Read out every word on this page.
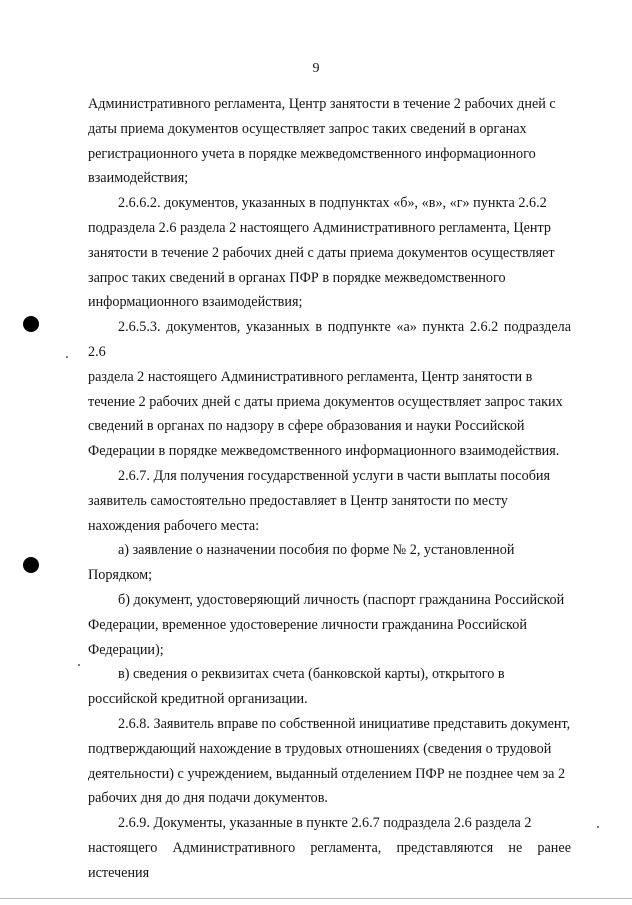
9

Административного регламента, Центр занятости в течение 2 рабочих дней с
даты приема документов осуществляет запрос таких сведений в органах
регистрационного учета в порядке межведомственного информационного
взаимодействия;

2.6.6.2. документов, указанных в подпунктах «б», «в», «г» пункта 2.6.2
подраздела 2.6 раздела 2 настоящего Административного регламента, Центр
занятости в течение 2 рабочих дней с даты приема документов осуществляет
запрос таких сведений в органах ПФР в порядке межведомственного
информационного взаимодействия;

2.6.5.3. документов, указанных в подпункте «а» пункта 2.6.2 подраздела 2.6
раздела 2 настоящего Административного регламента, Центр занятости в
течение 2 рабочих дней с даты приема документов осуществляет запрос таких
сведений в органах по надзору в сфере образования и науки Российской
Федерации в порядке межведомственного информационного взаимодействия.

2.6.7. Для получения государственной услуги в части выплаты пособия
заявитель самостоятельно предоставляет в Центр занятости по месту
нахождения рабочего места:

а) заявление о назначении пособия по форме № 2, установленной
Порядком;

б) документ, удостоверяющий личность (паспорт гражданина Российской
Федерации, временное удостоверение личности гражданина Российской
Федерации);

в) сведения о реквизитах счета (банковской карты), открытого в
российской кредитной организации.

2.6.8. Заявитель вправе по собственной инициативе представить документ,
подтверждающий нахождение в трудовых отношениях (сведения о трудовой
деятельности) с учреждением, выданный отделением ПФР не позднее чем за 2
рабочих дня до дня подачи документов.

2.6.9. Документы, указанные в пункте 2.6.7 подраздела 2.6 раздела 2
настоящего Административного регламента, представляются не ранее истечения
